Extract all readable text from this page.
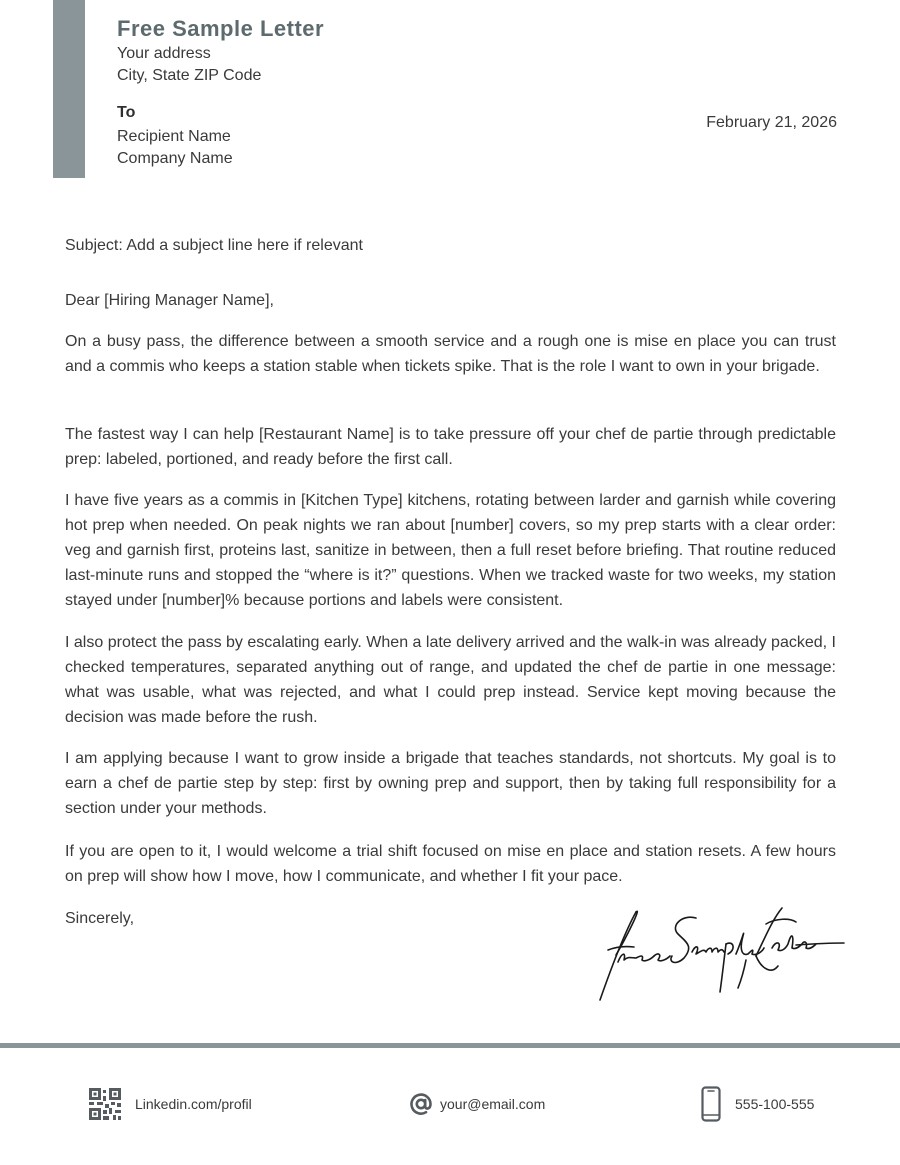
Free Sample Letter
Your address
City, State ZIP Code
To
Recipient Name
Company Name
February 21, 2026
Subject: Add a subject line here if relevant
Dear [Hiring Manager Name],

On a busy pass, the difference between a smooth service and a rough one is mise en place you can trust and a commis who keeps a station stable when tickets spike. That is the role I want to own in your brigade.

The fastest way I can help [Restaurant Name] is to take pressure off your chef de partie through predictable prep: labeled, portioned, and ready before the first call.

I have five years as a commis in [Kitchen Type] kitchens, rotating between larder and garnish while covering hot prep when needed. On peak nights we ran about [number] covers, so my prep starts with a clear order: veg and garnish first, proteins last, sanitize in between, then a full reset before briefing. That routine reduced last-minute runs and stopped the “where is it?” questions. When we tracked waste for two weeks, my station stayed under [number]% because portions and labels were consistent.

I also protect the pass by escalating early. When a late delivery arrived and the walk-in was already packed, I checked temperatures, separated anything out of range, and updated the chef de partie in one message: what was usable, what was rejected, and what I could prep instead. Service kept moving because the decision was made before the rush.

I am applying because I want to grow inside a brigade that teaches standards, not shortcuts. My goal is to earn a chef de partie step by step: first by owning prep and support, then by taking full responsibility for a section under your methods.

If you are open to it, I would welcome a trial shift focused on mise en place and station resets. A few hours on prep will show how I move, how I communicate, and whether I fit your pace.

Sincerely,
Linkedin.com/profil	your@email.com	555-100-555
